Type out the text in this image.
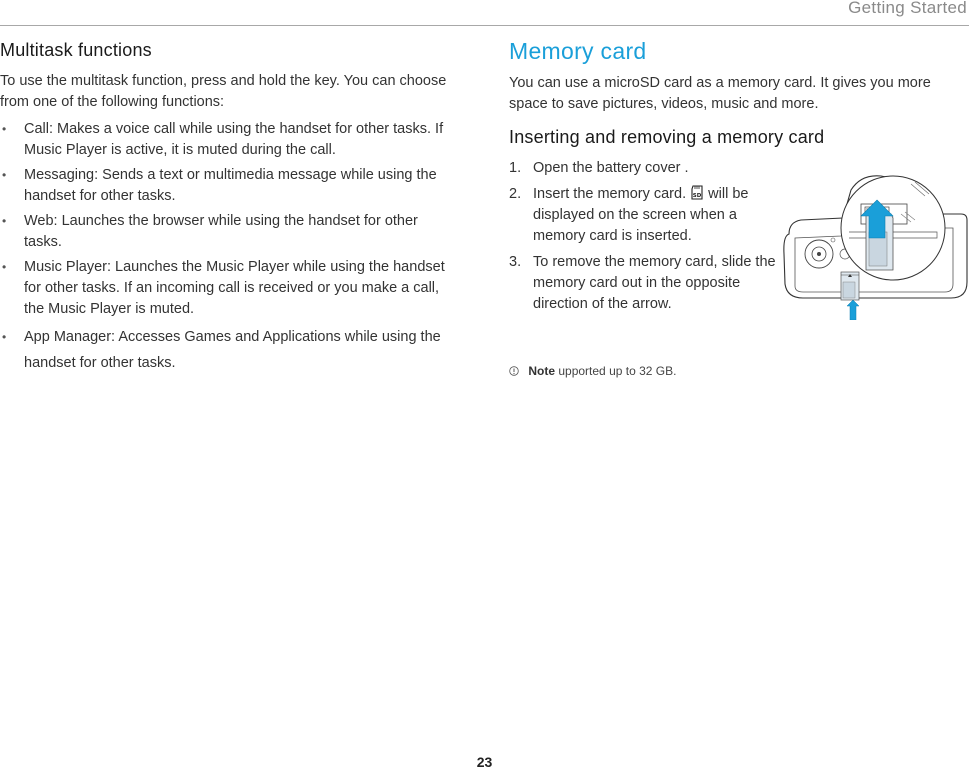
Getting Started
Multitask functions

To use the multitask function, press and hold the key. You can choose from one of the following functions:

• Call: Makes a voice call while using the handset for other tasks. If Music Player is active, it is muted during the call.
• Messaging: Sends a text or multimedia message while using the handset for other tasks.
• Web: Launches the browser while using the handset for other tasks.
• Music Player: Launches the Music Player while using the handset for other tasks. If an incoming call is received or you make a call, the Music Player is muted.
• App Manager: Accesses Games and Applications while using the handset for other tasks.
Memory card

You can use a microSD card as a memory card. It gives you more space to save pictures, videos, music and more.

Inserting and removing a memory card
1. Open the battery cover .
2. Insert the memory card. SD will be displayed on the screen when a memory card is inserted.
3. To remove the memory card, slide the memory card out in the opposite direction of the arrow.
Note upported up to 32 GB.
23
